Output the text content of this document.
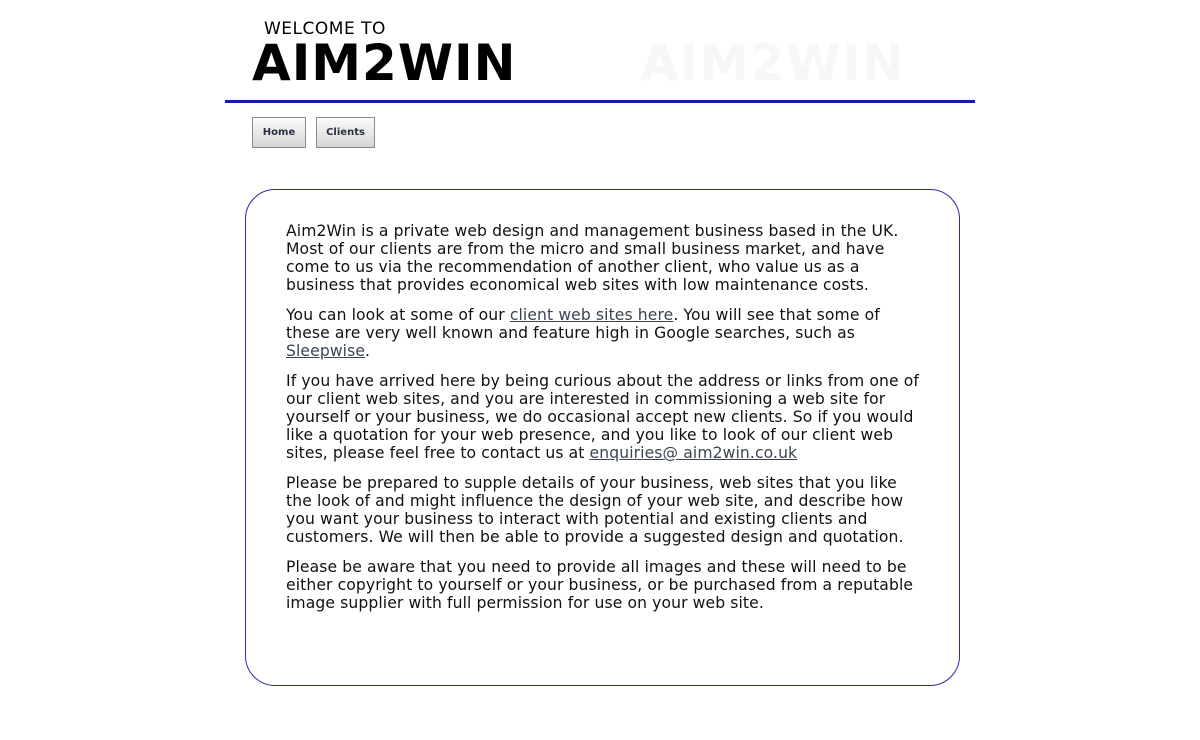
WELCOME TO
AIM2WIN AIM2WIN
Home	Clients

Aim2Win is a private web design and management business based in the UK. Most of our clients are from the micro and small business market, and have come to us via the recommendation of another client, who value us as a business that provides economical web sites with low maintenance costs.

You can look at some of our client web sites here. You will see that some of these are very well known and feature high in Google searches, such as Sleepwise.

If you have arrived here by being curious about the address or links from one of our client web sites, and you are interested in commissioning a web site for yourself or your business, we do occasional accept new clients. So if you would like a quotation for your web presence, and you like to look of our client web sites, please feel free to contact us at enquiries@ aim2win.co.uk

Please be prepared to supple details of your business, web sites that you like the look of and might influence the design of your web site, and describe how you want your business to interact with potential and existing clients and customers. We will then be able to provide a suggested design and quotation.

Please be aware that you need to provide all images and these will need to be either copyright to yourself or your business, or be purchased from a reputable image supplier with full permission for use on your web site.
